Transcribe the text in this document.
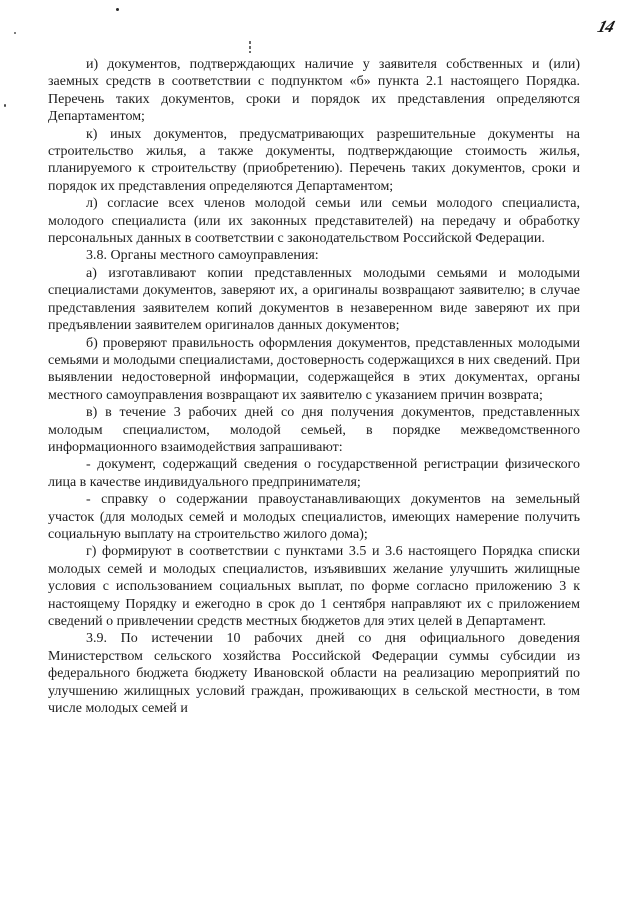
14

и) документов, подтверждающих наличие у заявителя собственных и (или) заемных средств в соответствии с подпунктом «б» пункта 2.1 настоящего Порядка. Перечень таких документов, сроки и порядок их представления определяются Департаментом;

к) иных документов, предусматривающих разрешительные документы на строительство жилья, а также документы, подтверждающие стоимость жилья, планируемого к строительству (приобретению). Перечень таких документов, сроки и порядок их представления определяются Департаментом;

л) согласие всех членов молодой семьи или семьи молодого специалиста, молодого специалиста (или их законных представителей) на передачу и обработку персональных данных в соответствии с законодательством Российской Федерации.

3.8. Органы местного самоуправления:

а) изготавливают копии представленных молодыми семьями и молодыми специалистами документов, заверяют их, а оригиналы возвращают заявителю; в случае представления заявителем копий документов в незаверенном виде заверяют их при предъявлении заявителем оригиналов данных документов;

б) проверяют правильность оформления документов, представленных молодыми семьями и молодыми специалистами, достоверность содержащихся в них сведений. При выявлении недостоверной информации, содержащейся в этих документах, органы местного самоуправления возвращают их заявителю с указанием причин возврата;

в) в течение 3 рабочих дней со дня получения документов, представленных молодым специалистом, молодой семьей, в порядке межведомственного информационного взаимодействия запрашивают:

- документ, содержащий сведения о государственной регистрации физического лица в качестве индивидуального предпринимателя;

- справку о содержании правоустанавливающих документов на земельный участок (для молодых семей и молодых специалистов, имеющих намерение получить социальную выплату на строительство жилого дома);

г) формируют в соответствии с пунктами 3.5 и 3.6 настоящего Порядка списки молодых семей и молодых специалистов, изъявивших желание улучшить жилищные условия с использованием социальных выплат, по форме согласно приложению 3 к настоящему Порядку и ежегодно в срок до 1 сентября направляют их с приложением сведений о привлечении средств местных бюджетов для этих целей в Департамент.

3.9. По истечении 10 рабочих дней со дня официального доведения Министерством сельского хозяйства Российской Федерации суммы субсидии из федерального бюджета бюджету Ивановской области на реализацию мероприятий по улучшению жилищных условий граждан, проживающих в сельской местности, в том числе молодых семей и
